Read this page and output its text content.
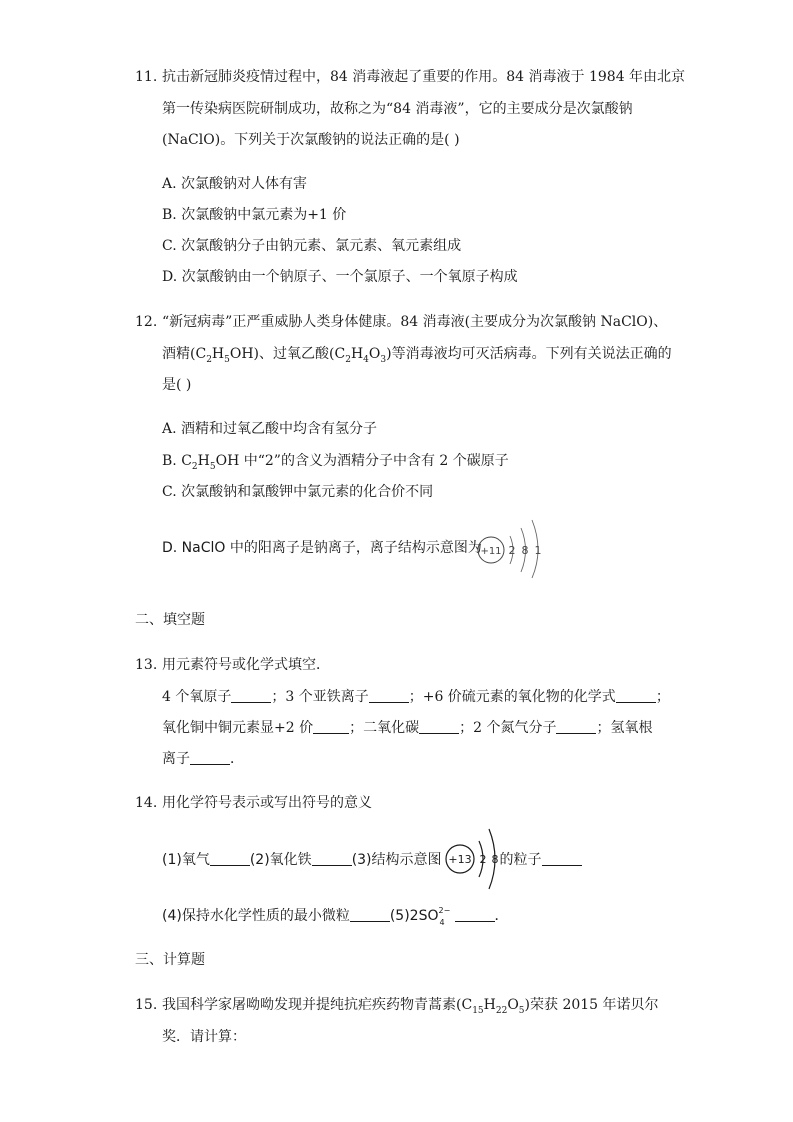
11. 抗击新冠肺炎疫情过程中，84 消毒液起了重要的作用。84 消毒液于 1984 年由北京
第一传染病医院研制成功，故称之为“84 消毒液”，它的主要成分是次氯酸钠
(NaClO)。下列关于次氯酸钠的说法正确的是( )
A. 次氯酸钠对人体有害
B. 次氯酸钠中氯元素为+1 价
C. 次氯酸钠分子由钠元素、氯元素、氧元素组成
D. 次氯酸钠由一个钠原子、一个氯原子、一个氧原子构成
12. “新冠病毒”正严重威胁人类身体健康。84 消毒液(主要成分为次氯酸钠 NaClO)、
酒精$(C_2H_5OH)$、过氧乙酸$(C_2H_4O_3)$等消毒液均可灭活病毒。下列有关说法正确的
是( )
A. 酒精和过氧乙酸中均含有氢分子
B. $C_2H_5OH$ 中“2”的含义为酒精分子中含有 2 个碳原子
C. 次氯酸钠和氯酸钾中氯元素的化合价不同
D. NaClO 中的阳离子是钠离子，离子结构示意图为
+11 2 8 1
二、填空题
13. 用元素符号或化学式填空．
4 个氧原子	；3 个亚铁离子	；+6 价硫元素的氧化物的化学式	；
氧化铜中铜元素显+2 价	；二氧化碳	；2 个氮气分子	；氢氧根
离子	．
14. 用化学符号表示或写出符号的意义
(1)氧气	(2)氧化铁	(3)结构示意图	的粒子
+13 2 8
(4)保持水化学性质的最小微粒	(5)2SO 2−
4	．
三、计算题
15. 我国科学家屠呦呦发现并提纯抗疟疾药物青蒿素$(C_{15}H_{22}O_5)$荣获 2015 年诺贝尔
奖．请计算：
